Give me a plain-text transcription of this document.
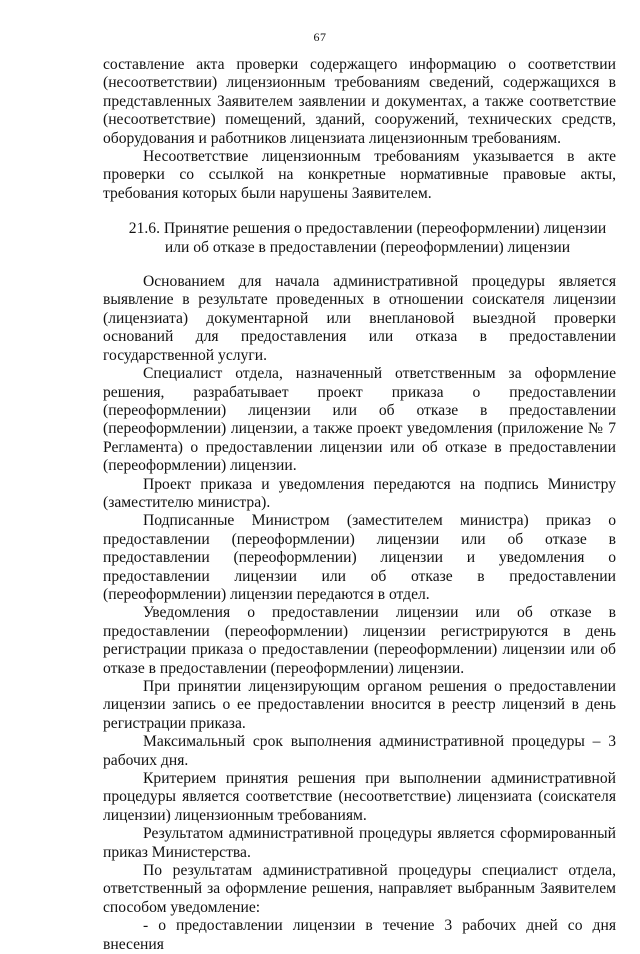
67

составление акта проверки содержащего информацию о соответствии (несоответствии) лицензионным требованиям сведений, содержащихся в представленных Заявителем заявлении и документах, а также соответствие (несоответствие) помещений, зданий, сооружений, технических средств, оборудования и работников лицензиата лицензионным требованиям.

Несоответствие лицензионным требованиям указывается в акте проверки со ссылкой на конкретные нормативные правовые акты, требования которых были нарушены Заявителем.

21.6. Принятие решения о предоставлении (переоформлении) лицензии

или об отказе в предоставлении (переоформлении) лицензии

Основанием для начала административной процедуры является выявление в результате проведенных в отношении соискателя лицензии (лицензиата) документарной или внеплановой выездной проверки оснований для предоставления или отказа в предоставлении государственной услуги.

Специалист отдела, назначенный ответственным за оформление решения, разрабатывает проект приказа о предоставлении (переоформлении) лицензии или об отказе в предоставлении (переоформлении) лицензии, а также проект уведомления (приложение № 7 Регламента) о предоставлении лицензии или об отказе в предоставлении (переоформлении) лицензии.

Проект приказа и уведомления передаются на подпись Министру (заместителю министра).

Подписанные Министром (заместителем министра) приказ о предоставлении (переоформлении) лицензии или об отказе в предоставлении (переоформлении) лицензии и уведомления о предоставлении лицензии или об отказе в предоставлении (переоформлении) лицензии передаются в отдел.

Уведомления о предоставлении лицензии или об отказе в предоставлении (переоформлении) лицензии регистрируются в день регистрации приказа о предоставлении (переоформлении) лицензии или об отказе в предоставлении (переоформлении) лицензии.

При принятии лицензирующим органом решения о предоставлении лицензии запись о ее предоставлении вносится в реестр лицензий в день регистрации приказа.

Максимальный срок выполнения административной процедуры – 3 рабочих дня.

Критерием принятия решения при выполнении административной процедуры является соответствие (несоответствие) лицензиата (соискателя лицензии) лицензионным требованиям.

Результатом административной процедуры является сформированный приказ Министерства.

По результатам административной процедуры специалист отдела, ответственный за оформление решения, направляет выбранным Заявителем способом уведомление:

- о предоставлении лицензии в течение 3 рабочих дней со дня внесения
